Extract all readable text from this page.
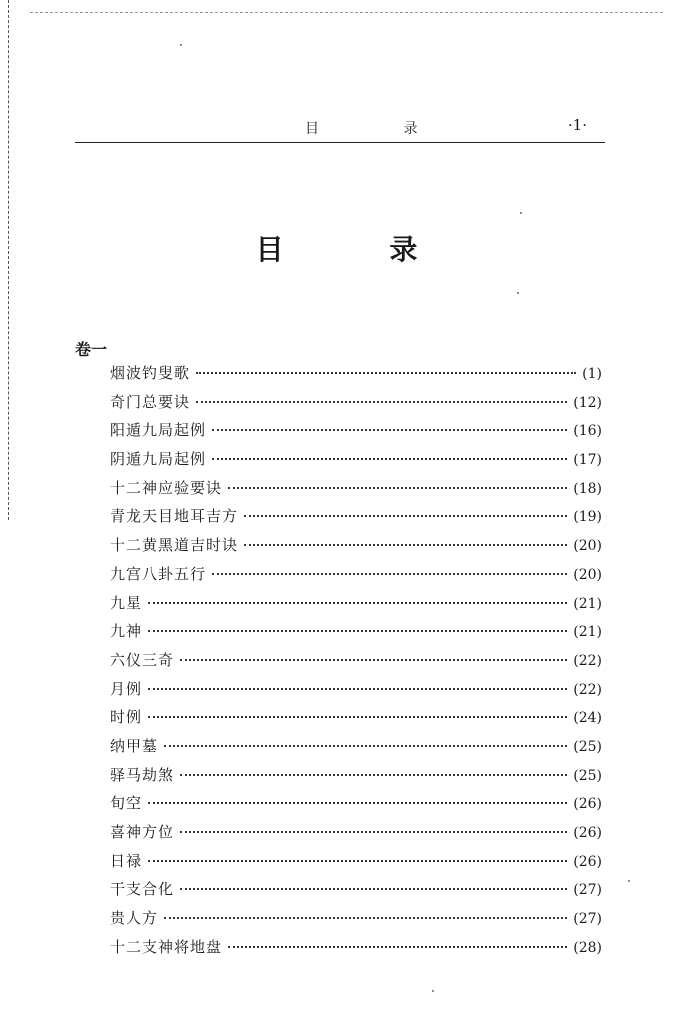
目 录	·1·
目 录
卷一
烟波钓叟歌	(1)
奇门总要诀	(12)
阳遁九局起例	(16)
阴遁九局起例	(17)
十二神应验要诀	(18)
青龙天目地耳吉方	(19)
十二黄黑道吉时诀	(20)
九宫八卦五行	(20)
九星	(21)
九神	(21)
六仪三奇	(22)
月例	(22)
时例	(24)
纳甲墓	(25)
驿马劫煞	(25)
旬空	(26)
喜神方位	(26)
日禄	(26)
干支合化	(27)
贵人方	(27)
十二支神将地盘	(28)
